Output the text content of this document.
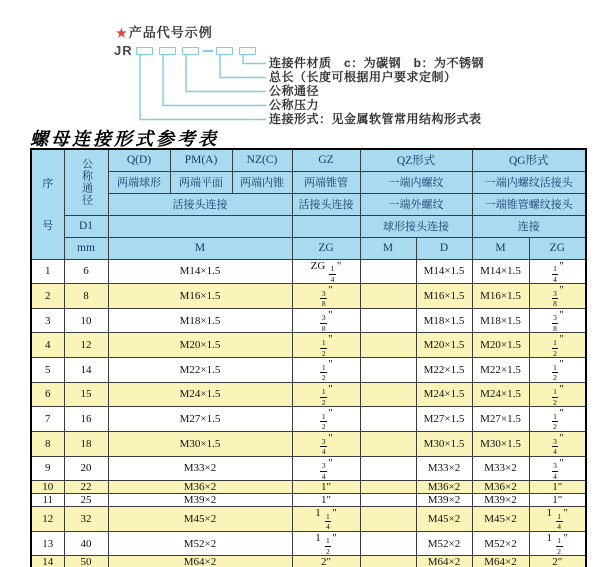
★产品代号示例
JR
连接件材质　c：为碳钢　b：为不锈钢
总长（长度可根据用户要求定制）
公称通径
公称压力
连接形式：见金属软管常用结构形式表
螺母连接形式参考表
序
号	公称通径	Q(D)	PM(A)	NZ(C)	GZ	QZ形式		QG形式	
		两端球形	两端平面	两端内锥	两端锥管	一端内螺纹		一端内螺纹活接头	
		活接头连接			活接头连接	一端外螺纹		一端锥管螺纹接头	
	D1					球形接头连接		连接	
	mm	M			ZG	M	D	M	ZG
1	6	M14×1.5			ZG $\frac{1}{4}$ "		M14×1.5	M14×1.5	$\frac{1}{4}$ "
2	8	M16×1.5			$\frac{3}{8}$ "		M16×1.5	M16×1.5	$\frac{3}{8}$ "
3	10	M18×1.5			$\frac{3}{8}$ "		M18×1.5	M18×1.5	$\frac{3}{8}$ "
4	12	M20×1.5			$\frac{1}{2}$ "		M20×1.5	M20×1.5	$\frac{1}{2}$ "
5	14	M22×1.5			$\frac{1}{2}$ "		M22×1.5	M22×1.5	$\frac{1}{2}$ "
6	15	M24×1.5			$\frac{1}{2}$ "		M24×1.5	M24×1.5	$\frac{1}{2}$ "
7	16	M27×1.5			$\frac{1}{2}$ "		M27×1.5	M27×1.5	$\frac{1}{2}$ "
8	18	M30×1.5			$\frac{3}{4}$ "		M30×1.5	M30×1.5	$\frac{3}{4}$ "
9	20	M33×2			$\frac{3}{4}$ "		M33×2	M33×2	$\frac{3}{4}$ "
10	22	M36×2			1"		M36×2	M36×2	1"
11	25	M39×2			1"		M39×2	M39×2	1"
12	32	M45×2			$1 \frac{1}{4}$ "		M45×2	M45×2	$1 \frac{1}{4}$ "
13	40	M52×2			$1 \frac{1}{2}$ "		M52×2	M52×2	$1 \frac{1}{2}$ "
14	50	M64×2			2"		M64×2	M64×2	2"
